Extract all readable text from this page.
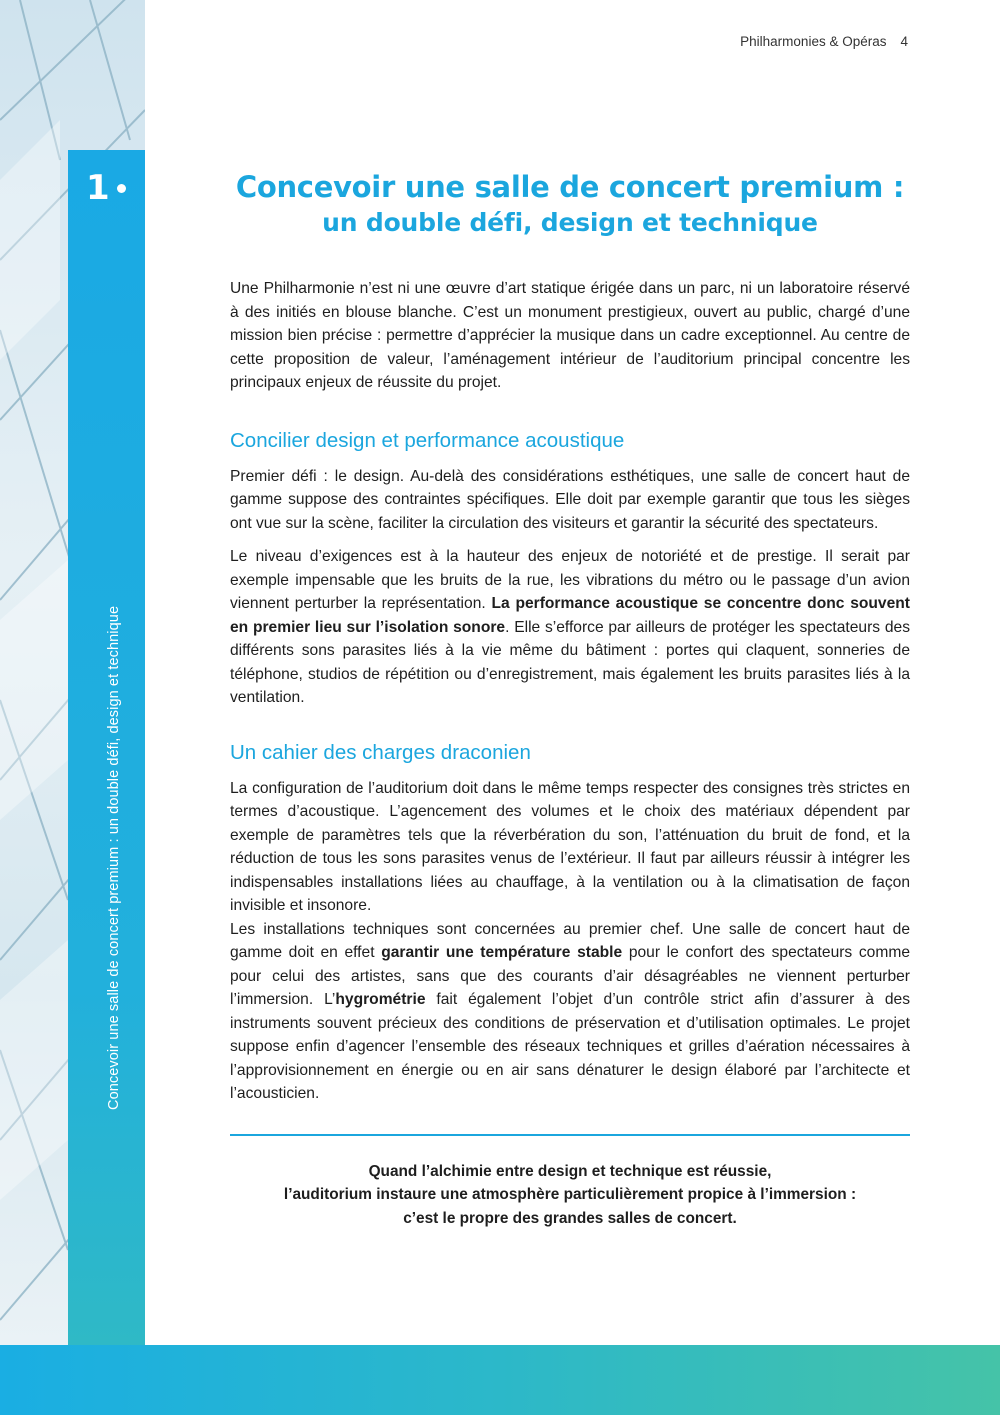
1
Concevoir une salle de concert premium : un double défi, design et technique
Philharmonies & Opéras 4
Concevoir une salle de concert premium :
un double défi, design et technique

Une Philharmonie n’est ni une œuvre d’art statique érigée dans un parc, ni un laboratoire réservé à des initiés en blouse blanche. C’est un monument prestigieux, ouvert au public, chargé d’une mission bien précise : permettre d’apprécier la musique dans un cadre exceptionnel. Au centre de cette proposition de valeur, l’aménagement intérieur de l’auditorium principal concentre les principaux enjeux de réussite du projet.

Concilier design et performance acoustique

Premier défi : le design. Au-delà des considérations esthétiques, une salle de concert haut de gamme suppose des contraintes spécifiques. Elle doit par exemple garantir que tous les sièges ont vue sur la scène, faciliter la circulation des visiteurs et garantir la sécurité des spectateurs.

Le niveau d’exigences est à la hauteur des enjeux de notoriété et de prestige. Il serait par exemple impensable que les bruits de la rue, les vibrations du métro ou le passage d’un avion viennent perturber la représentation. La performance acoustique se concentre donc souvent en premier lieu sur l’isolation sonore. Elle s’efforce par ailleurs de protéger les spectateurs des différents sons parasites liés à la vie même du bâtiment : portes qui claquent, sonneries de téléphone, studios de répétition ou d’enregistrement, mais également les bruits parasites liés à la ventilation.

Un cahier des charges draconien

La configuration de l’auditorium doit dans le même temps respecter des consignes très strictes en termes d’acoustique. L’agencement des volumes et le choix des matériaux dépendent par exemple de paramètres tels que la réverbération du son, l’atténuation du bruit de fond, et la réduction de tous les sons parasites venus de l’extérieur. Il faut par ailleurs réussir à intégrer les indispensables installations liées au chauffage, à la ventilation ou à la climatisation de façon invisible et insonore.

Les installations techniques sont concernées au premier chef. Une salle de concert haut de gamme doit en effet garantir une température stable pour le confort des spectateurs comme pour celui des artistes, sans que des courants d’air désagréables ne viennent perturber l’immersion. L’hygrométrie fait également l’objet d’un contrôle strict afin d’assurer à des instruments souvent précieux des conditions de préservation et d’utilisation optimales. Le projet suppose enfin d’agencer l’ensemble des réseaux techniques et grilles d’aération nécessaires à l’approvisionnement en énergie ou en air sans dénaturer le design élaboré par l’architecte et l’acousticien.

Quand l’alchimie entre design et technique est réussie,
l’auditorium instaure une atmosphère particulièrement propice à l’immersion :
c’est le propre des grandes salles de concert.
